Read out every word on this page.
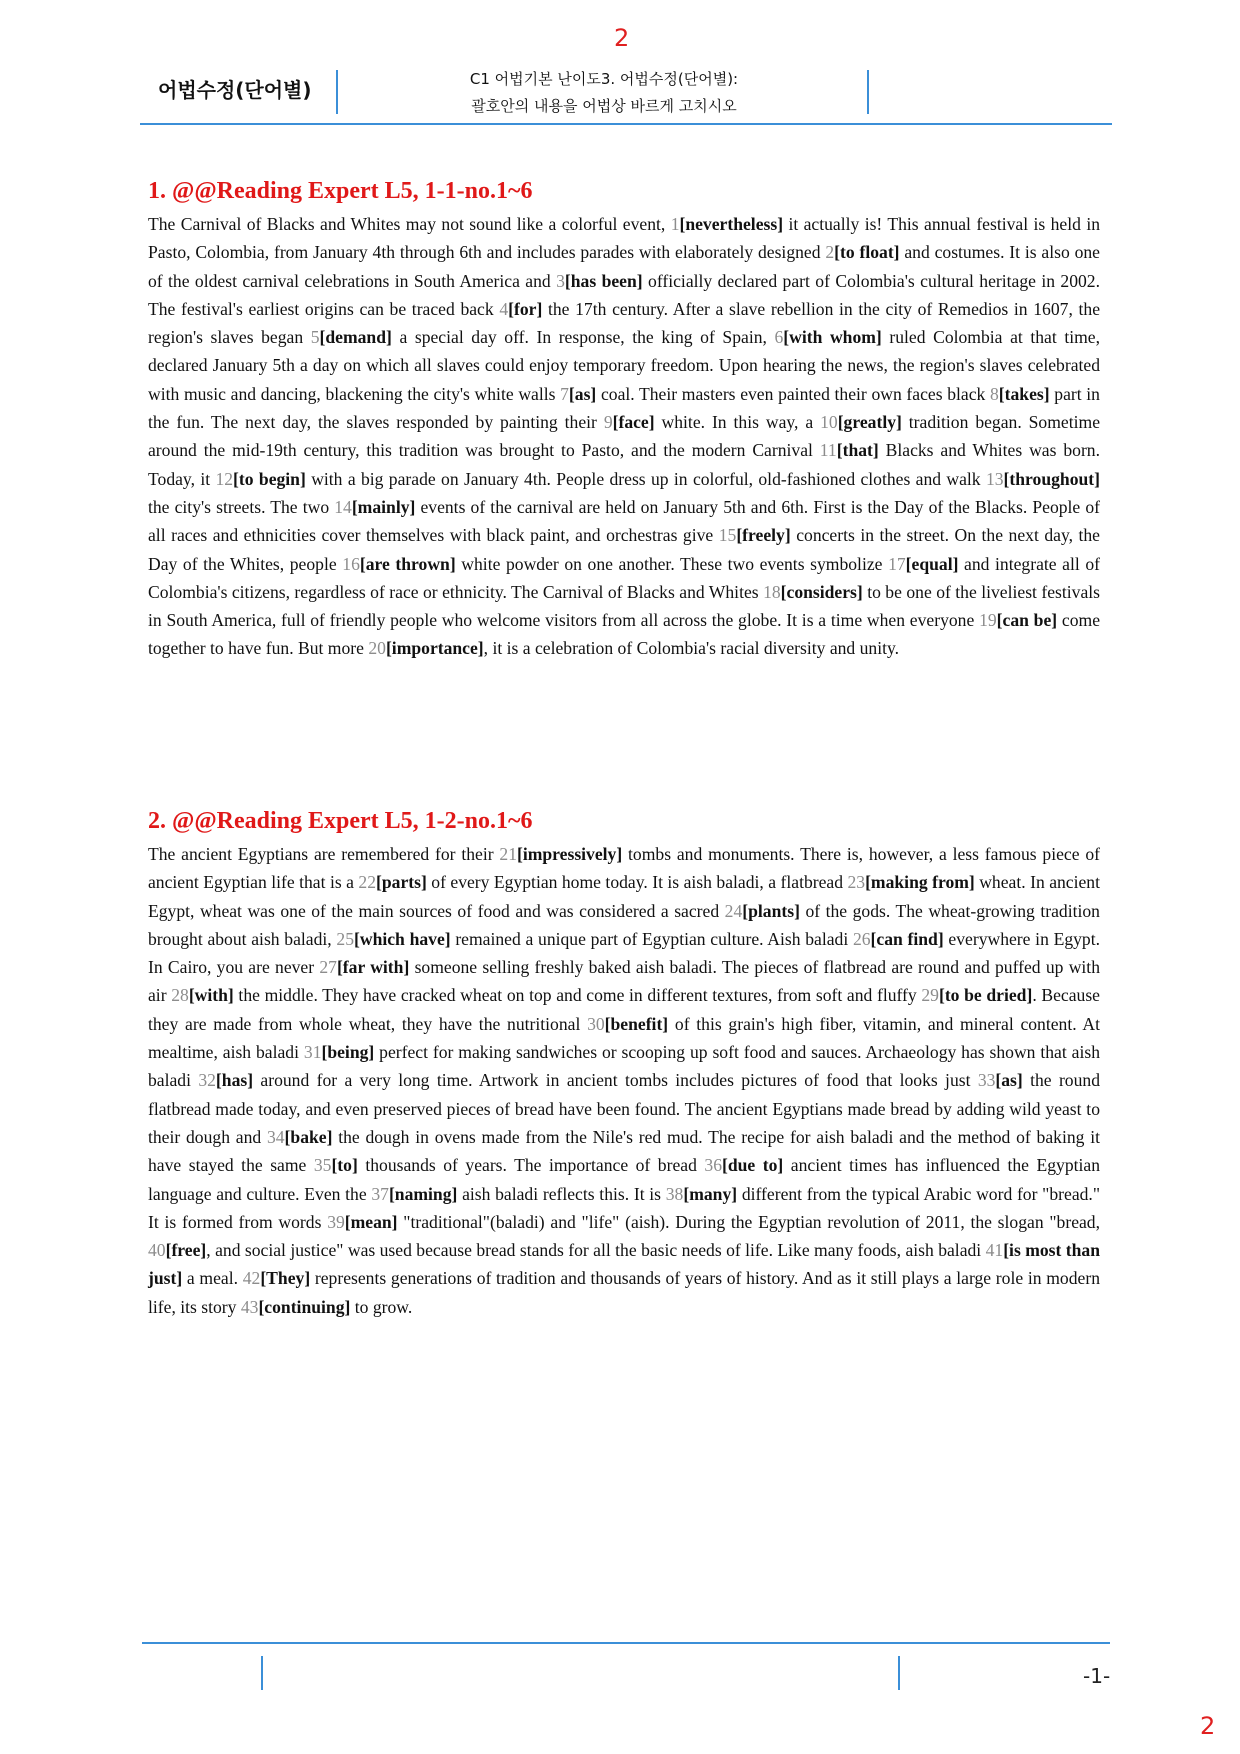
2
어법수정(단어별)	C1 어법기본 난이도3. 어법수정(단어별):
괄호안의 내용을 어법상 바르게 고치시오
1. @@Reading Expert L5, 1-1-no.1~6

The Carnival of Blacks and Whites may not sound like a colorful event, 1[nevertheless] it actually is! This annual festival is held in Pasto, Colombia, from January 4th through 6th and includes parades with elaborately designed 2[to float] and costumes. It is also one of the oldest carnival celebrations in South America and 3[has been] officially declared part of Colombia's cultural heritage in 2002. The festival's earliest origins can be traced back 4[for] the 17th century. After a slave rebellion in the city of Remedios in 1607, the region's slaves began 5[demand] a special day off. In response, the king of Spain, 6[with whom] ruled Colombia at that time, declared January 5th a day on which all slaves could enjoy temporary freedom. Upon hearing the news, the region's slaves celebrated with music and dancing, blackening the city's white walls 7[as] coal. Their masters even painted their own faces black 8[takes] part in the fun. The next day, the slaves responded by painting their 9[face] white. In this way, a 10[greatly] tradition began. Sometime around the mid-19th century, this tradition was brought to Pasto, and the modern Carnival 11[that] Blacks and Whites was born. Today, it 12[to begin] with a big parade on January 4th. People dress up in colorful, old-fashioned clothes and walk 13[throughout] the city's streets. The two 14[mainly] events of the carnival are held on January 5th and 6th. First is the Day of the Blacks. People of all races and ethnicities cover themselves with black paint, and orchestras give 15[freely] concerts in the street. On the next day, the Day of the Whites, people 16[are thrown] white powder on one another. These two events symbolize 17[equal] and integrate all of Colombia's citizens, regardless of race or ethnicity. The Carnival of Blacks and Whites 18[considers] to be one of the liveliest festivals in South America, full of friendly people who welcome visitors from all across the globe. It is a time when everyone 19[can be] come together to have fun. But more 20[importance], it is a celebration of Colombia's racial diversity and unity.

2. @@Reading Expert L5, 1-2-no.1~6

The ancient Egyptians are remembered for their 21[impressively] tombs and monuments. There is, however, a less famous piece of ancient Egyptian life that is a 22[parts] of every Egyptian home today. It is aish baladi, a flatbread 23[making from] wheat. In ancient Egypt, wheat was one of the main sources of food and was considered a sacred 24[plants] of the gods. The wheat-growing tradition brought about aish baladi, 25[which have] remained a unique part of Egyptian culture. Aish baladi 26[can find] everywhere in Egypt. In Cairo, you are never 27[far with] someone selling freshly baked aish baladi. The pieces of flatbread are round and puffed up with air 28[with] the middle. They have cracked wheat on top and come in different textures, from soft and fluffy 29[to be dried]. Because they are made from whole wheat, they have the nutritional 30[benefit] of this grain's high fiber, vitamin, and mineral content. At mealtime, aish baladi 31[being] perfect for making sandwiches or scooping up soft food and sauces. Archaeology has shown that aish baladi 32[has] around for a very long time. Artwork in ancient tombs includes pictures of food that looks just 33[as] the round flatbread made today, and even preserved pieces of bread have been found. The ancient Egyptians made bread by adding wild yeast to their dough and 34[bake] the dough in ovens made from the Nile's red mud. The recipe for aish baladi and the method of baking it have stayed the same 35[to] thousands of years. The importance of bread 36[due to] ancient times has influenced the Egyptian language and culture. Even the 37[naming] aish baladi reflects this. It is 38[many] different from the typical Arabic word for "bread." It is formed from words 39[mean] "traditional"(baladi) and "life" (aish). During the Egyptian revolution of 2011, the slogan "bread, 40[free], and social justice" was used because bread stands for all the basic needs of life. Like many foods, aish baladi 41[is most than just] a meal. 42[They] represents generations of tradition and thousands of years of history. And as it still plays a large role in modern life, its story 43[continuing] to grow.

-1-
2
